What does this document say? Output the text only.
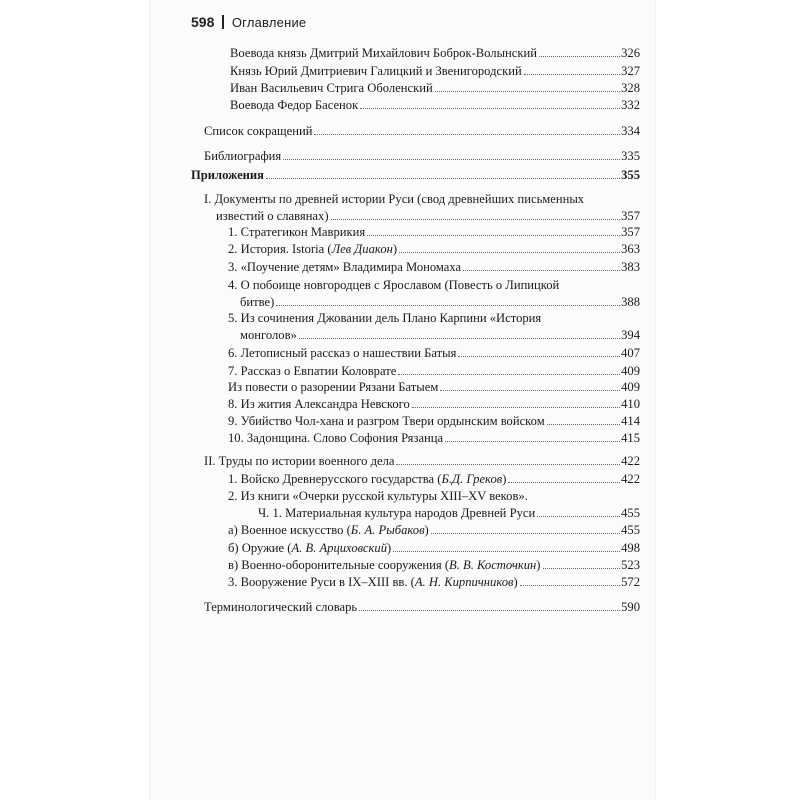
598 Оглавление
Воевода князь Дмитрий Михайлович Боброк-Волынский	326
Князь Юрий Дмитриевич Галицкий и Звенигородский	327
Иван Васильевич Стрига Оболенский	328
Воевода Федор Басенок	332
Список сокращений	334
Библиография	335
Приложения	355
I. Документы по древней истории Руси (свод древнейших письменных
известий о славянах)	357
1. Стратегикон Маврикия	357
2. История. Istoria (Лев Диакон)	363
3. «Поучение детям» Владимира Мономаха	383
4. О побоище новгородцев с Ярославом (Повесть о Липицкой
битве)	388
5. Из сочинения Джовании дель Плано Карпини «История
монголов»	394
6. Летописный рассказ о нашествии Батыя	407
7. Рассказ о Евпатии Коловрате	409
Из повести о разорении Рязани Батыем	409
8. Из жития Александра Невского	410
9. Убийство Чол-хана и разгром Твери ордынским войском	414
10. Задонщина. Слово Софония Рязанца	415
II. Труды по истории военного дела	422
1. Войско Древнерусского государства (Б.Д. Греков)	422
2. Из книги «Очерки русской культуры XIII–XV веков».
Ч. 1. Материальная культура народов Древней Руси	455
а) Военное искусство (Б. А. Рыбаков)	455
б) Оружие (А. В. Арциховский)	498
в) Военно-оборонительные сооружения (В. В. Косточкин)	523
3. Вооружение Руси в IX–XIII вв. (А. Н. Кирпичников)	572
Терминологический словарь	590
